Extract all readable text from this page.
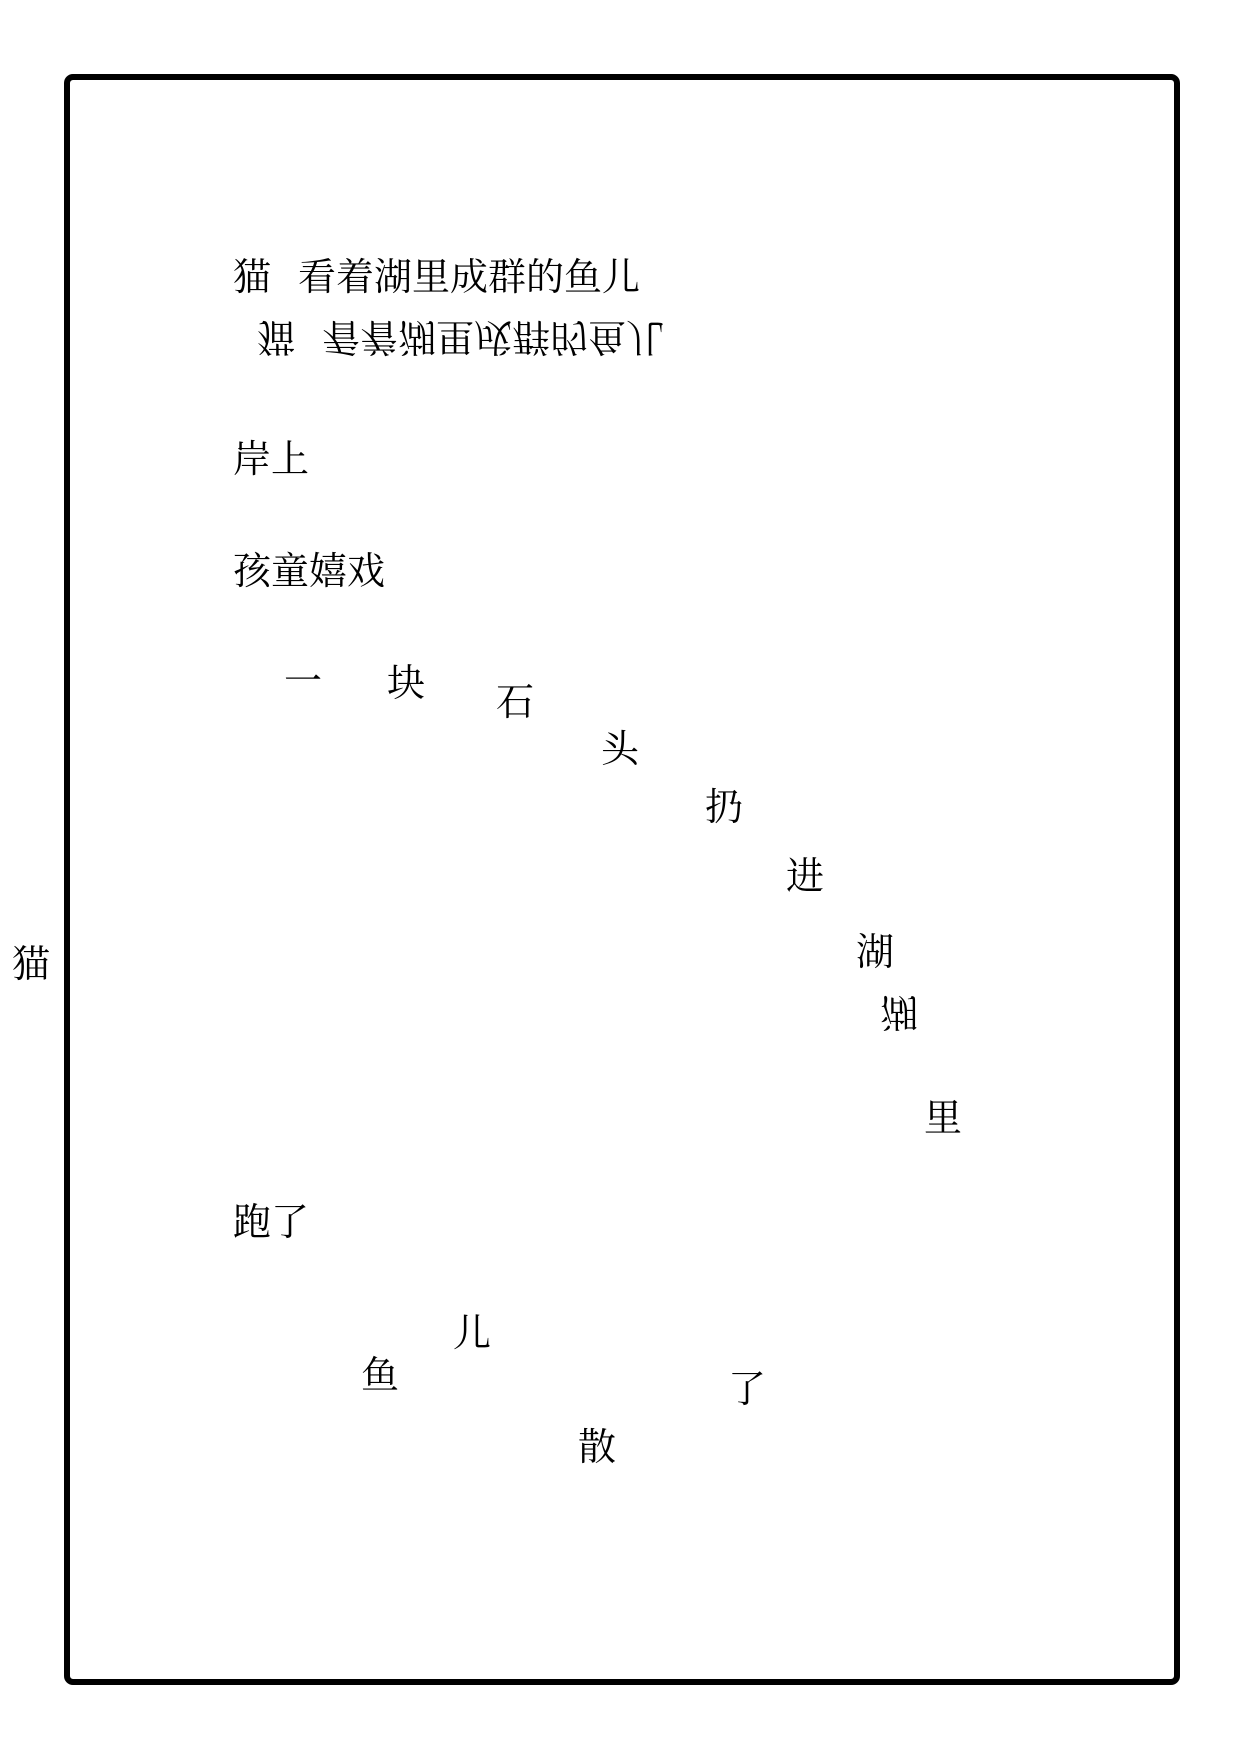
猫
猫 看着湖里成群的鱼儿

猫 看着湖里成群的鱼儿

岸上
孩童嬉戏
一 块 石
头
扔
进
湖

湖

里
跑了
鱼
儿
散
了
